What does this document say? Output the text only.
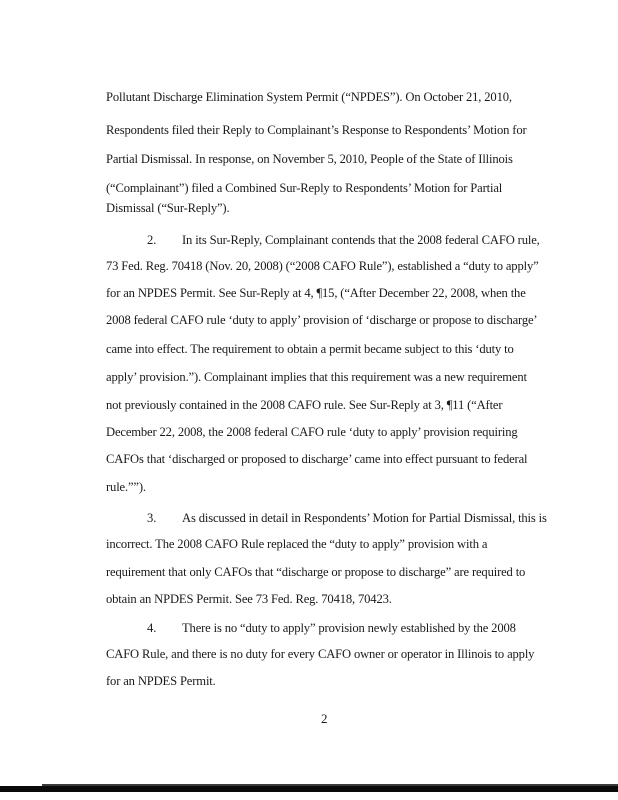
Pollutant Discharge Elimination System Permit (“NPDES”). On October 21, 2010,
Respondents filed their Reply to Complainant’s Response to Respondents’ Motion for
Partial Dismissal. In response, on November 5, 2010, People of the State of Illinois
(“Complainant”) filed a Combined Sur-Reply to Respondents’ Motion for Partial
Dismissal (“Sur-Reply”).
2. In its Sur-Reply, Complainant contends that the 2008 federal CAFO rule,
73 Fed. Reg. 70418 (Nov. 20, 2008) (“2008 CAFO Rule”), established a “duty to apply”
for an NPDES Permit. See Sur-Reply at 4, ¶15, (“After December 22, 2008, when the
2008 federal CAFO rule ‘duty to apply’ provision of ‘discharge or propose to discharge’
came into effect. The requirement to obtain a permit became subject to this ‘duty to
apply’ provision.”). Complainant implies that this requirement was a new requirement
not previously contained in the 2008 CAFO rule. See Sur-Reply at 3, ¶11 (“After
December 22, 2008, the 2008 federal CAFO rule ‘duty to apply’ provision requiring
CAFOs that ‘discharged or proposed to discharge’ came into effect pursuant to federal
rule.””).
3. As discussed in detail in Respondents’ Motion for Partial Dismissal, this is
incorrect. The 2008 CAFO Rule replaced the “duty to apply” provision with a
requirement that only CAFOs that “discharge or propose to discharge” are required to
obtain an NPDES Permit. See 73 Fed. Reg. 70418, 70423.
4. There is no “duty to apply” provision newly established by the 2008
CAFO Rule, and there is no duty for every CAFO owner or operator in Illinois to apply
for an NPDES Permit.
2
